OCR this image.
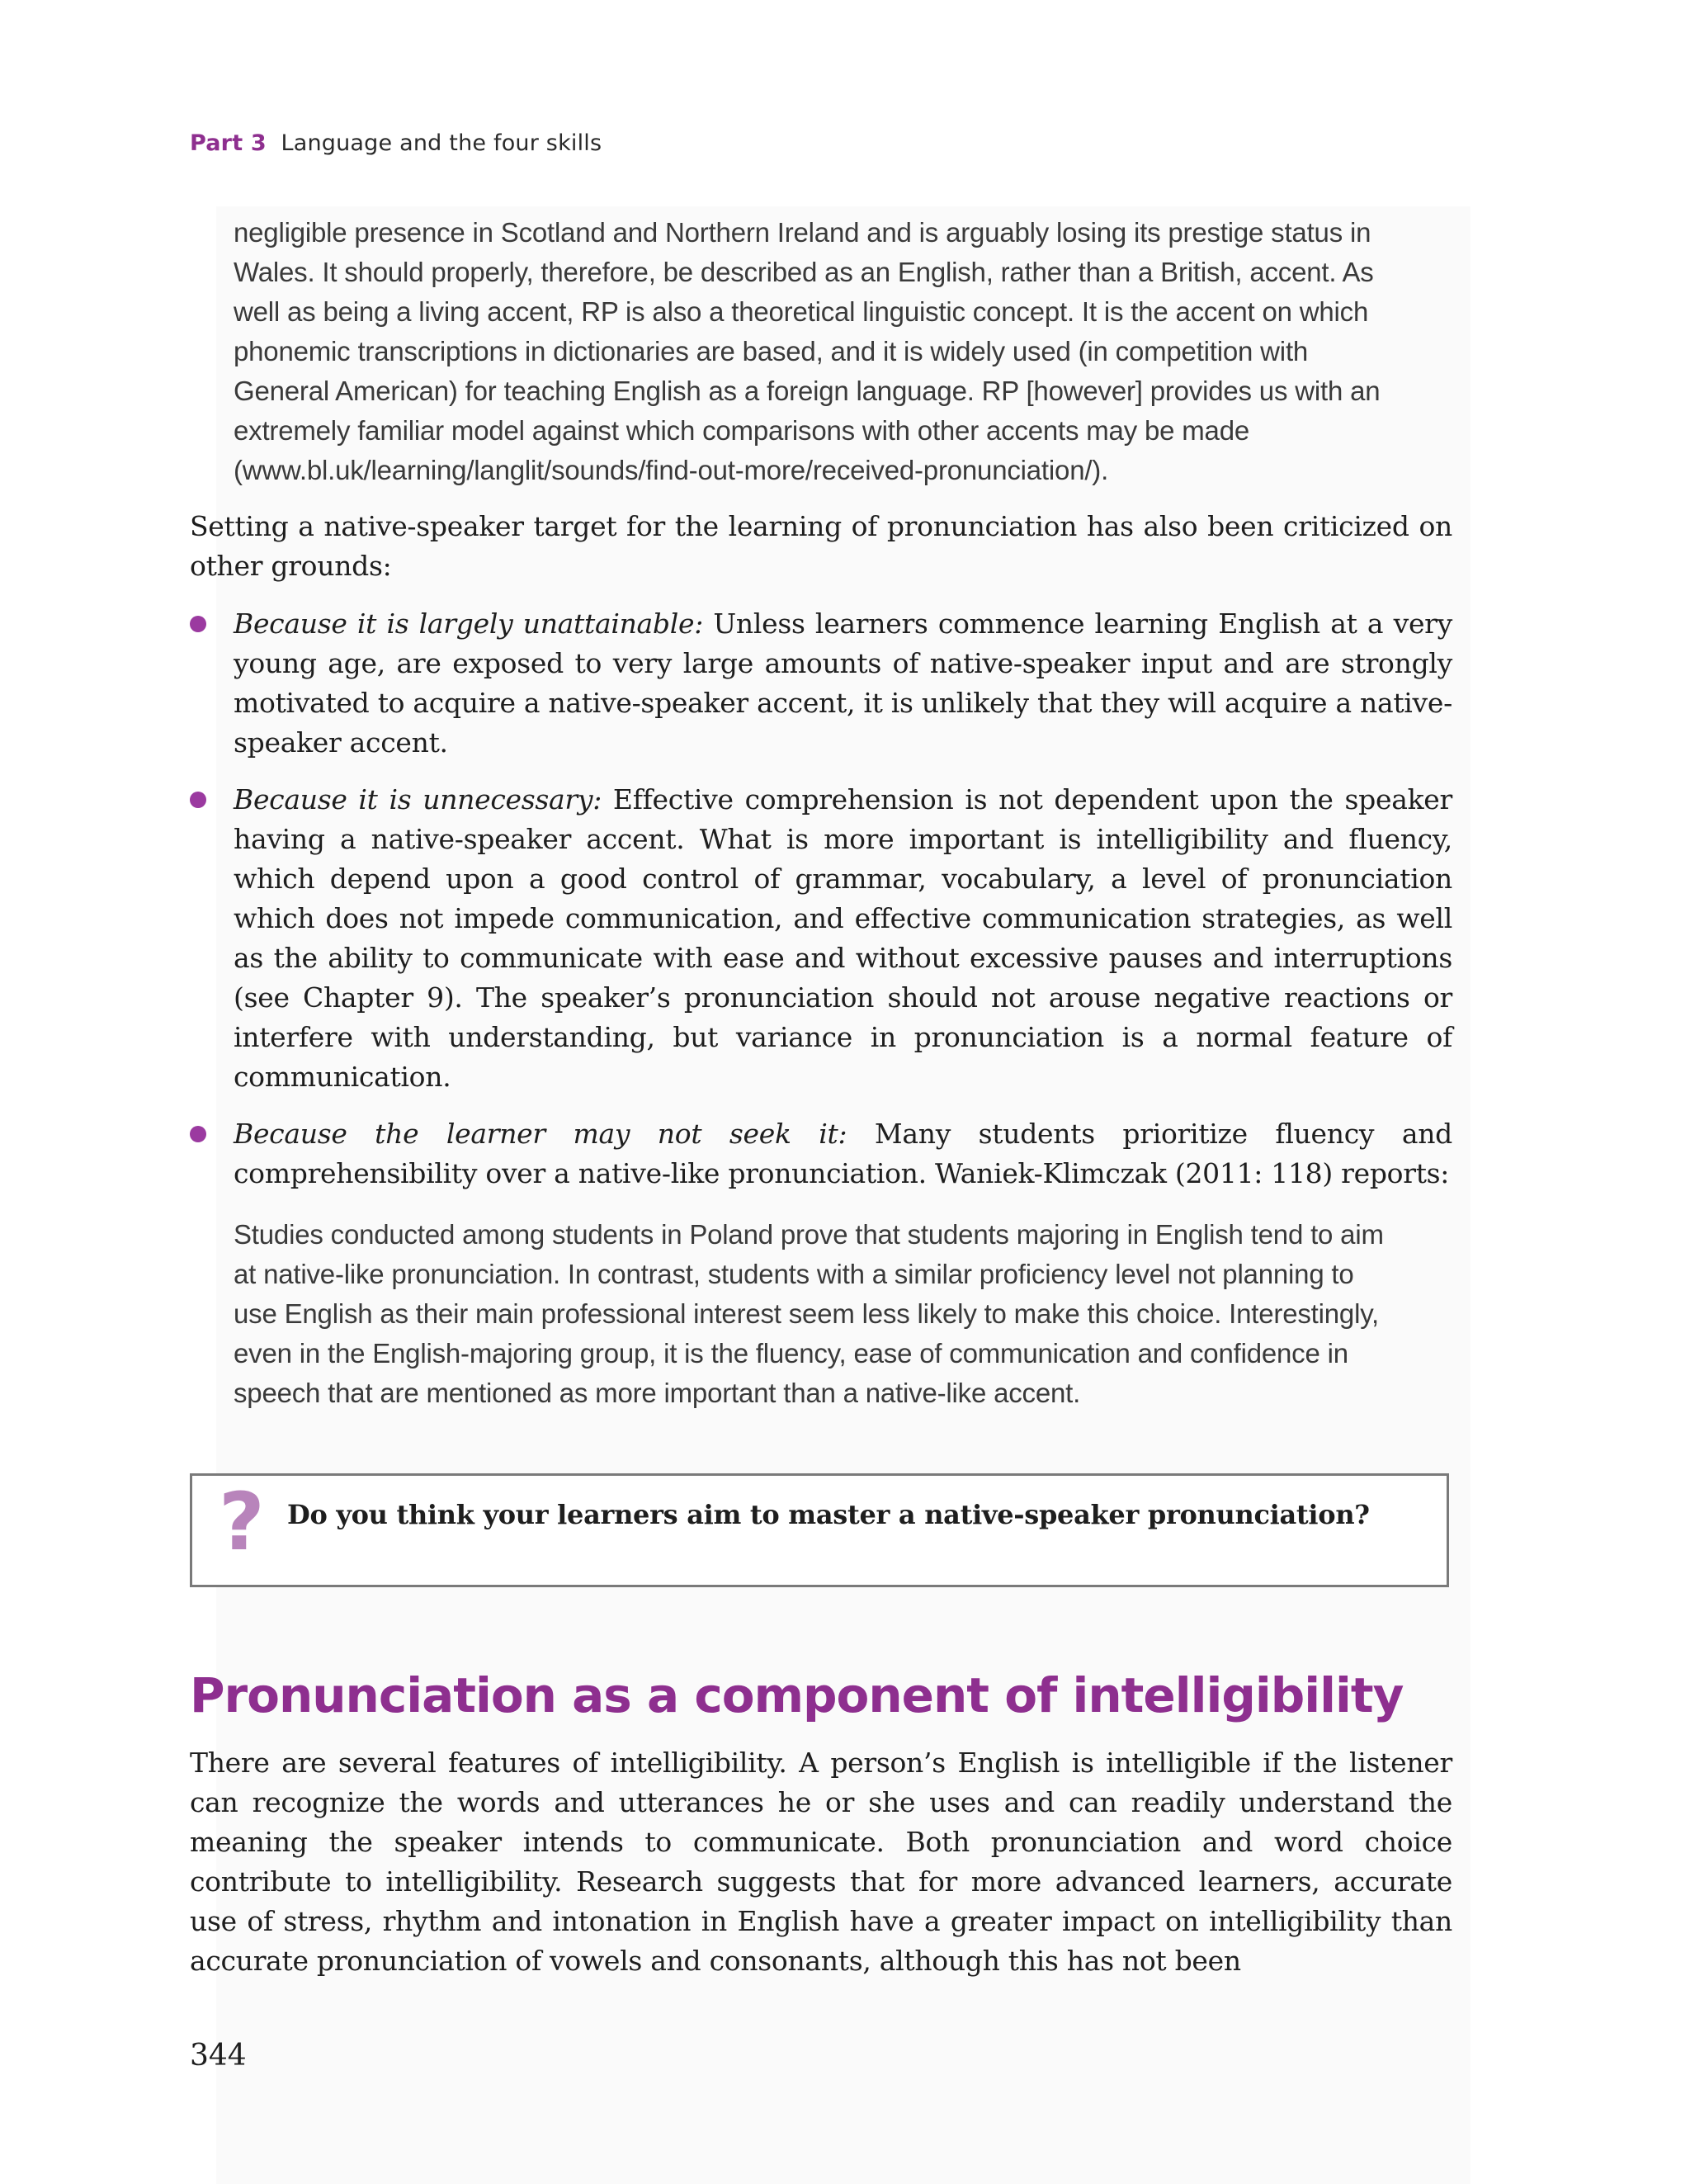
Part 3 Language and the four skills

negligible presence in Scotland and Northern Ireland and is arguably losing its prestige status in Wales. It should properly, therefore, be described as an English, rather than a British, accent. As well as being a living accent, RP is also a theoretical linguistic concept. It is the accent on which phonemic transcriptions in dictionaries are based, and it is widely used (in competition with General American) for teaching English as a foreign language. RP [however] provides us with an extremely familiar model against which comparisons with other accents may be made (www.bl.uk/learning/langlit/sounds/find-out-more/received-pronunciation/).

Setting a native-speaker target for the learning of pronunciation has also been criticized on other grounds:

Because it is largely unattainable: Unless learners commence learning English at a very young age, are exposed to very large amounts of native-speaker input and are strongly motivated to acquire a native-speaker accent, it is unlikely that they will acquire a native-speaker accent.
Because it is unnecessary: Effective comprehension is not dependent upon the speaker having a native-speaker accent. What is more important is intelligibility and fluency, which depend upon a good control of grammar, vocabulary, a level of pronunciation which does not impede communication, and effective communication strategies, as well as the ability to communicate with ease and without excessive pauses and interruptions (see Chapter 9). The speaker’s pronunciation should not arouse negative reactions or interfere with understanding, but variance in pronunciation is a normal feature of communication.
Because the learner may not seek it: Many students prioritize fluency and comprehensibility over a native-like pronunciation. Waniek-Klimczak (2011: 118) reports:

Studies conducted among students in Poland prove that students majoring in English tend to aim at native-like pronunciation. In contrast, students with a similar proficiency level not planning to use English as their main professional interest seem less likely to make this choice. Interestingly, even in the English-majoring group, it is the fluency, ease of communication and confidence in speech that are mentioned as more important than a native-like accent.

? Do you think your learners aim to master a native-speaker pronunciation?
Pronunciation as a component of intelligibility

There are several features of intelligibility. A person’s English is intelligible if the listener can recognize the words and utterances he or she uses and can readily understand the meaning the speaker intends to communicate. Both pronunciation and word choice contribute to intelligibility. Research suggests that for more advanced learners, accurate use of stress, rhythm and intonation in English have a greater impact on intelligibility than accurate pronunciation of vowels and consonants, although this has not been

344
